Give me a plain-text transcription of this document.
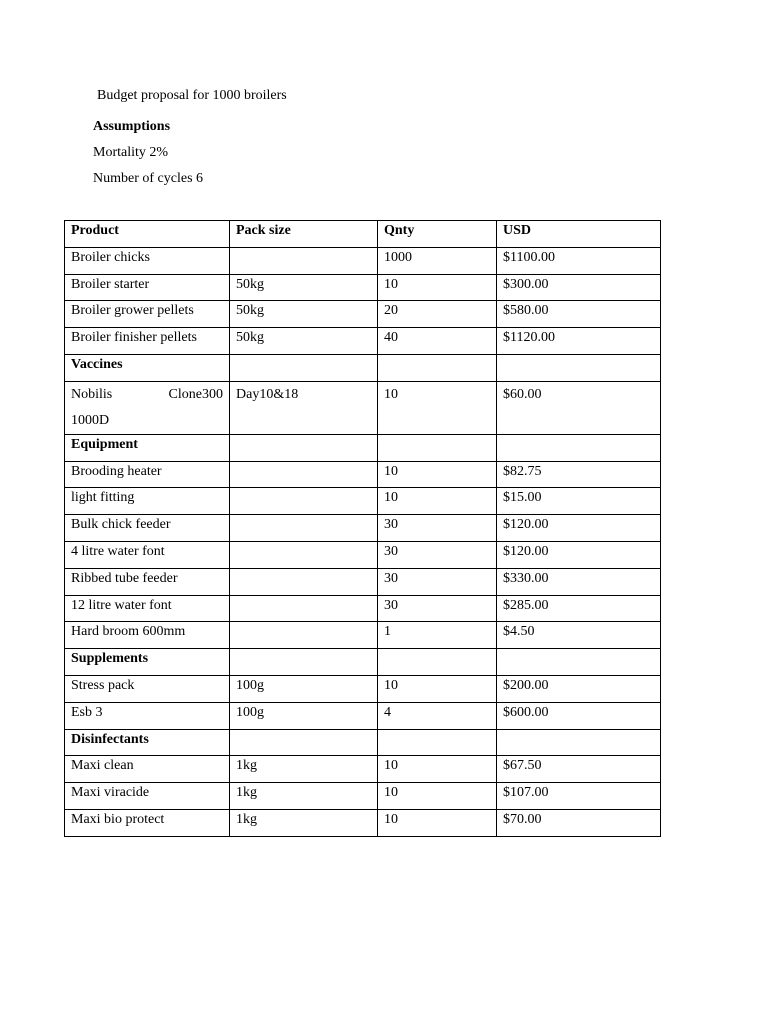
Budget proposal for 1000 broilers
Assumptions
Mortality 2%
Number of cycles 6
Product	Pack size	Qnty	USD
Broiler chicks		1000	$1100.00
Broiler starter	50kg	10	$300.00
Broiler grower pellets	50kg	20	$580.00
Broiler finisher pellets	50kg	40	$1120.00
Vaccines			

Nobilis Clone300
1000D	Day10&18	10	$60.00
Equipment			
Brooding heater		10	$82.75
light fitting		10	$15.00
Bulk chick feeder		30	$120.00
4 litre water font		30	$120.00
Ribbed tube feeder		30	$330.00
12 litre water font		30	$285.00
Hard broom 600mm		1	$4.50
Supplements			
Stress pack	100g	10	$200.00
Esb 3	100g	4	$600.00
Disinfectants			
Maxi clean	1kg	10	$67.50
Maxi viracide	1kg	10	$107.00
Maxi bio protect	1kg	10	$70.00
